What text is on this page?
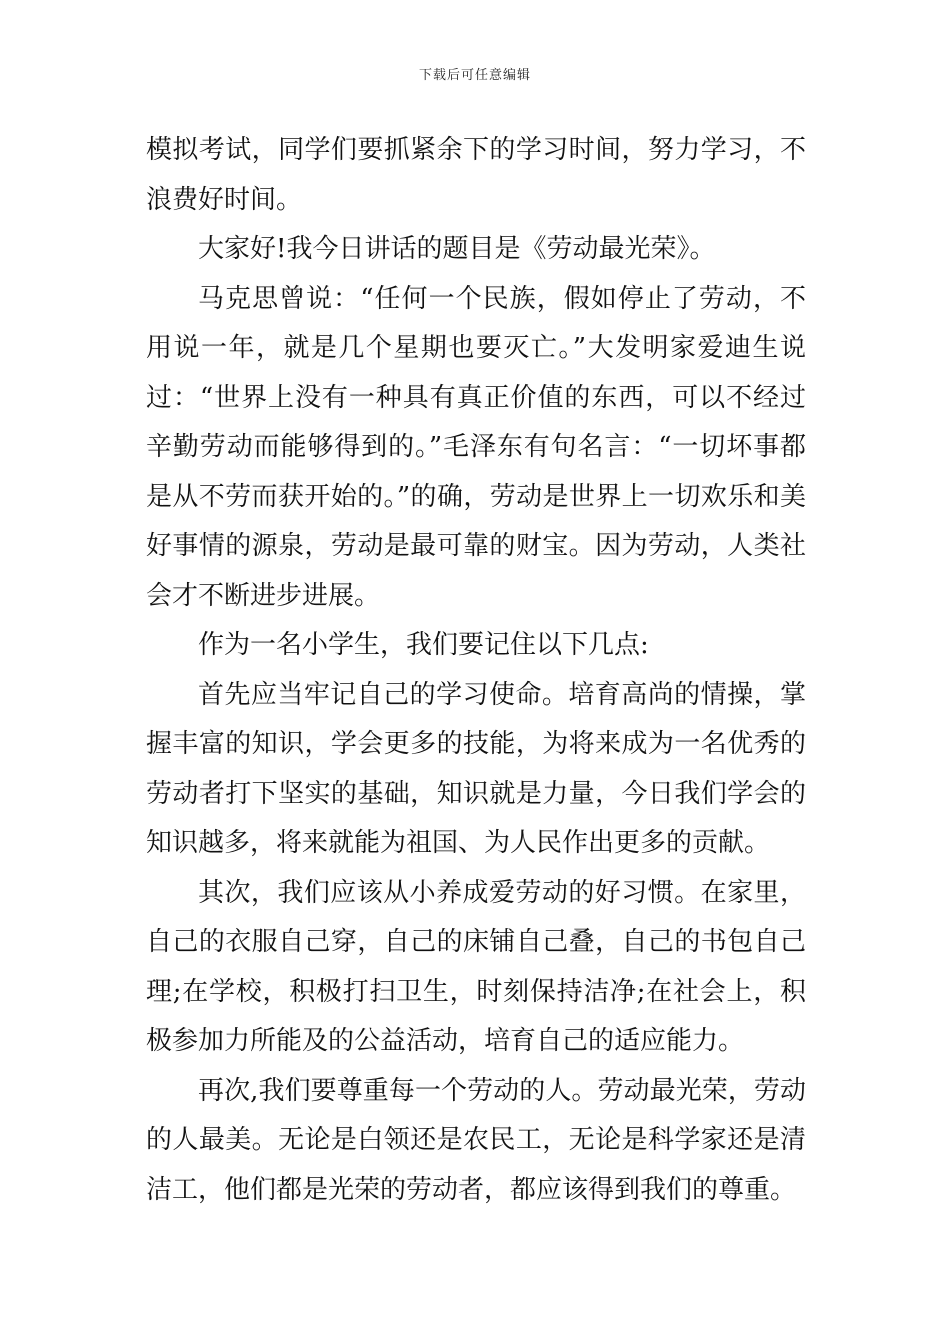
下载后可任意编辑

模拟考试，同学们要抓紧余下的学习时间，努力学习，不浪费好时间。

大家好!我今日讲话的题目是《劳动最光荣》。

马克思曾说：“任何一个民族，假如停止了劳动，不用说一年，就是几个星期也要灭亡。”大发明家爱迪生说过：“世界上没有一种具有真正价值的东西，可以不经过辛勤劳动而能够得到的。”毛泽东有句名言：“一切坏事都是从不劳而获开始的。”的确，劳动是世界上一切欢乐和美好事情的源泉，劳动是最可靠的财宝。因为劳动，人类社会才不断进步进展。

作为一名小学生，我们要记住以下几点:

首先应当牢记自己的学习使命。培育高尚的情操，掌握丰富的知识，学会更多的技能，为将来成为一名优秀的劳动者打下坚实的基础，知识就是力量，今日我们学会的知识越多，将来就能为祖国、为人民作出更多的贡献。

其次，我们应该从小养成爱劳动的好习惯。在家里，自己的衣服自己穿，自己的床铺自己叠，自己的书包自己理;在学校，积极打扫卫生，时刻保持洁净;在社会上，积极参加力所能及的公益活动，培育自己的适应能力。

再次,我们要尊重每一个劳动的人。劳动最光荣，劳动的人最美。无论是白领还是农民工，无论是科学家还是清洁工，他们都是光荣的劳动者，都应该得到我们的尊重。
